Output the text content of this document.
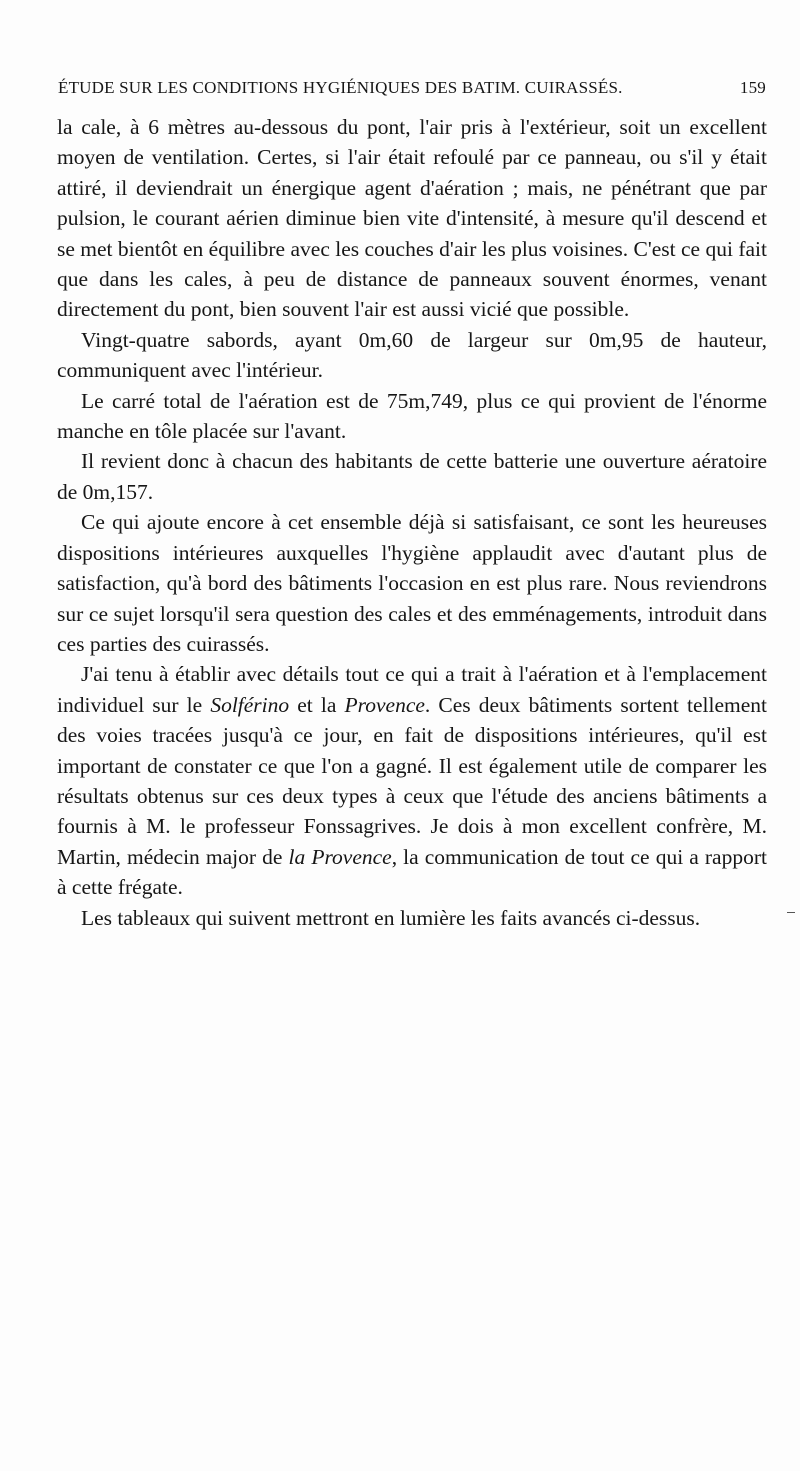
ÉTUDE SUR LES CONDITIONS HYGIÉNIQUES DES BATIM. CUIRASSÉS.	159

la cale, à 6 mètres au-dessous du pont, l'air pris à l'extérieur, soit un excellent moyen de ventilation. Certes, si l'air était refoulé par ce panneau, ou s'il y était attiré, il deviendrait un énergique agent d'aération ; mais, ne pénétrant que par pulsion, le courant aérien diminue bien vite d'intensité, à mesure qu'il descend et se met bientôt en équilibre avec les couches d'air les plus voisines. C'est ce qui fait que dans les cales, à peu de distance de panneaux souvent énormes, venant directement du pont, bien souvent l'air est aussi vicié que possible.

Vingt-quatre sabords, ayant 0m,60 de largeur sur 0m,95 de hauteur, communiquent avec l'intérieur.

Le carré total de l'aération est de 75m,749, plus ce qui provient de l'énorme manche en tôle placée sur l'avant.

Il revient donc à chacun des habitants de cette batterie une ouverture aératoire de 0m,157.

Ce qui ajoute encore à cet ensemble déjà si satisfaisant, ce sont les heureuses dispositions intérieures auxquelles l'hygiène applaudit avec d'autant plus de satisfaction, qu'à bord des bâtiments l'occasion en est plus rare. Nous reviendrons sur ce sujet lorsqu'il sera question des cales et des emménagements, introduit dans ces parties des cuirassés.

J'ai tenu à établir avec détails tout ce qui a trait à l'aération et à l'emplacement individuel sur le Solférino et la Provence. Ces deux bâtiments sortent tellement des voies tracées jusqu'à ce jour, en fait de dispositions intérieures, qu'il est important de constater ce que l'on a gagné. Il est également utile de comparer les résultats obtenus sur ces deux types à ceux que l'étude des anciens bâtiments a fournis à M. le professeur Fonssagrives. Je dois à mon excellent confrère, M. Martin, médecin major de la Provence, la communication de tout ce qui a rapport à cette frégate.

Les tableaux qui suivent mettront en lumière les faits avancés ci-dessus.
